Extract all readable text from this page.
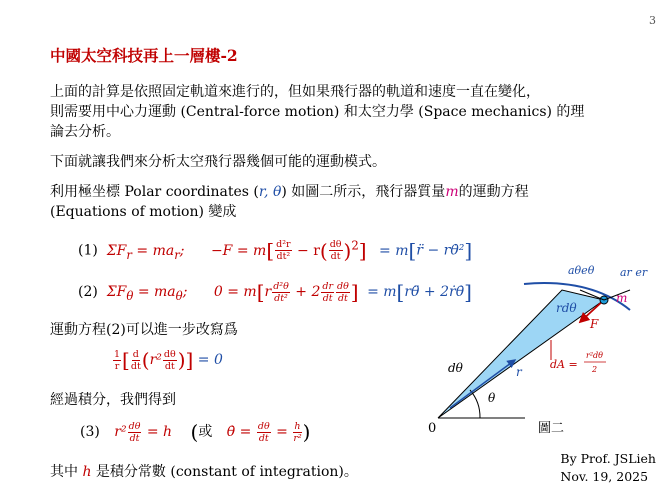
3
中國太空科技再上一層樓-2
上面的計算是依照固定軌道來進行的，但如果飛行器的軌道和速度一直在變化，
則需要用中心力運動 (Central-force motion) 和太空力學 (Space mechanics) 的理
論去分析。
下面就讓我們來分析太空飛行器幾個可能的運動模式。
利用極坐標 Polar coordinates (r, θ) 如圖二所示，飛行器質量m的運動方程
(Equations of motion) 變成
(1)  $\Sigma F_r = ma_r$; $-F = m[ \frac{\text{d²r}}{\text{dt²}} - r( \frac{d\theta}{dt} )^2]$ = m[r̈ − rθ̇²]
(2)  $\Sigma F_\theta = ma_\theta$; $0 = m[r \frac{\text{d²θ}}{\text{dt²}} + 2 \frac{dr}{dt} \frac{d\theta}{dt}$ ] = m[rθ̈ + 2ṙθ̇]
運動方程(2)可以進一步改寫爲
$\frac{1}{r}$ [ $\frac{d}{dt} (r^2 \frac{d\theta}{dt}$ )] = 0
經過積分，我們得到
(3) $r^2 \frac{d\theta}{dt} = h$ (或 θ̇ = $\frac{d\theta}{dt} = \frac{h}{\text{r²}}$ )
其中 h 是積分常數 (constant of integration)。
By Prof. JSLieh
Nov. 19, 2025
0
dθ
θ
r
rdθ
F
m
aθeθ ar er
dA =
r²dθ
2
圖二
